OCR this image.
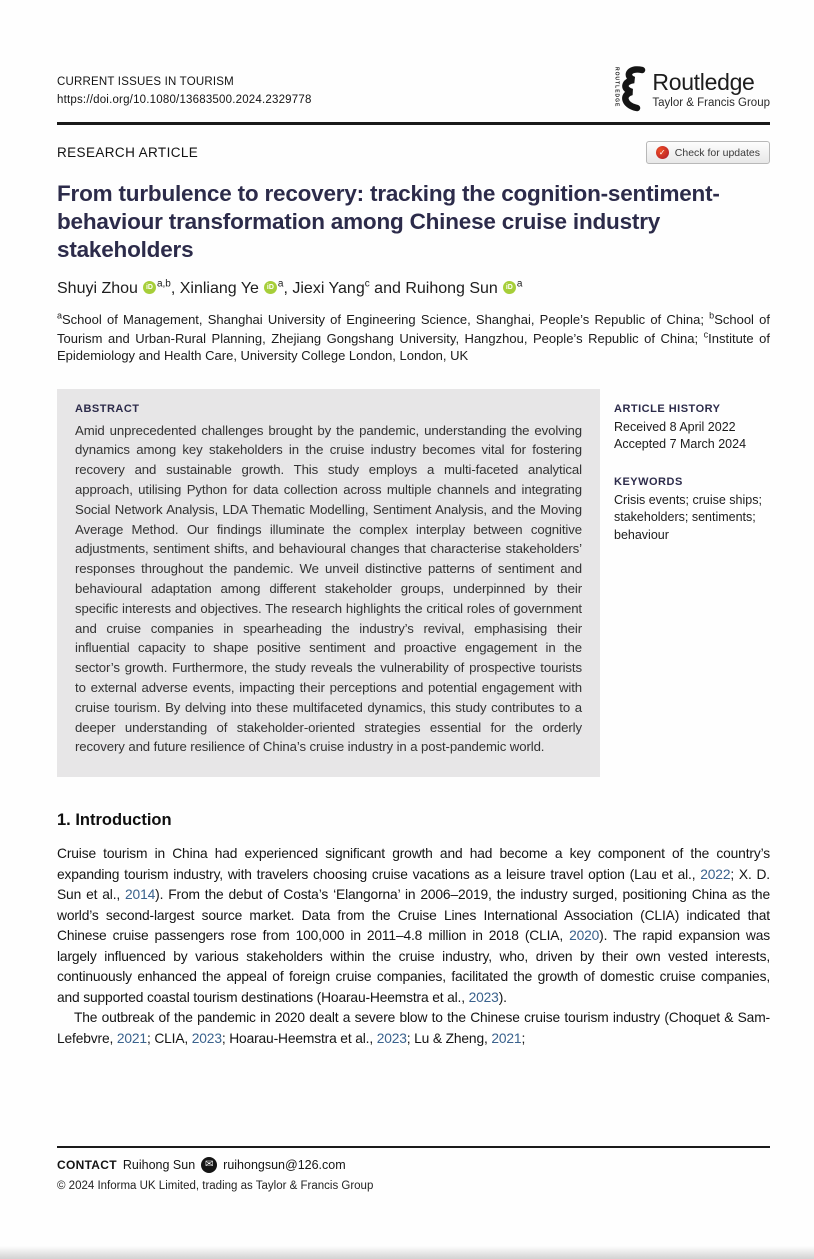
CURRENT ISSUES IN TOURISM
https://doi.org/10.1080/13683500.2024.2329778	ROUTLEDGE Routledge
Taylor & Francis Group
RESEARCH ARTICLE ✓	Check for updates
From turbulence to recovery: tracking the cognition-sentiment-behaviour transformation among Chinese cruise industry stakeholders

Shuyi Zhou iD $^{a,b}$, Xinliang Ye iD $^a$, Jiexi Yang$^c$ and Ruihong Sun iD $^a$

$^a$School of Management, Shanghai University of Engineering Science, Shanghai, People’s Republic of China; $^b$School of Tourism and Urban-Rural Planning, Zhejiang Gongshang University, Hangzhou, People’s Republic of China; $^c$Institute of Epidemiology and Health Care, University College London, London, UK

ABSTRACT
Amid unprecedented challenges brought by the pandemic, understanding the evolving dynamics among key stakeholders in the cruise industry becomes vital for fostering recovery and sustainable growth. This study employs a multi-faceted analytical approach, utilising Python for data collection across multiple channels and integrating Social Network Analysis, LDA Thematic Modelling, Sentiment Analysis, and the Moving Average Method. Our findings illuminate the complex interplay between cognitive adjustments, sentiment shifts, and behavioural changes that characterise stakeholders’ responses throughout the pandemic. We unveil distinctive patterns of sentiment and behavioural adaptation among different stakeholder groups, underpinned by their specific interests and objectives. The research highlights the critical roles of government and cruise companies in spearheading the industry’s revival, emphasising their influential capacity to shape positive sentiment and proactive engagement in the sector’s growth. Furthermore, the study reveals the vulnerability of prospective tourists to external adverse events, impacting their perceptions and potential engagement with cruise tourism. By delving into these multifaceted dynamics, this study contributes to a deeper understanding of stakeholder-oriented strategies essential for the orderly recovery and future resilience of China’s cruise industry in a post-pandemic world.
ARTICLE HISTORY
Received 8 April 2022
Accepted 7 March 2024
KEYWORDS
Crisis events; cruise ships; stakeholders; sentiments; behaviour
1. Introduction

Cruise tourism in China had experienced significant growth and had become a key component of the country’s expanding tourism industry, with travelers choosing cruise vacations as a leisure travel option (Lau et al., 2022; X. D. Sun et al., 2014). From the debut of Costa’s ‘Elangorna’ in 2006–2019, the industry surged, positioning China as the world’s second-largest source market. Data from the Cruise Lines International Association (CLIA) indicated that Chinese cruise passengers rose from 100,000 in 2011–4.8 million in 2018 (CLIA, 2020). The rapid expansion was largely influenced by various stakeholders within the cruise industry, who, driven by their own vested interests, continuously enhanced the appeal of foreign cruise companies, facilitated the growth of domestic cruise companies, and supported coastal tourism destinations (Hoarau-Heemstra et al., 2023).

The outbreak of the pandemic in 2020 dealt a severe blow to the Chinese cruise tourism industry (Choquet & Sam-Lefebvre, 2021; CLIA, 2023; Hoarau-Heemstra et al., 2023; Lu & Zheng, 2021;

CONTACT Ruihong Sun ✉ ruihongsun@126.com
© 2024 Informa UK Limited, trading as Taylor & Francis Group
